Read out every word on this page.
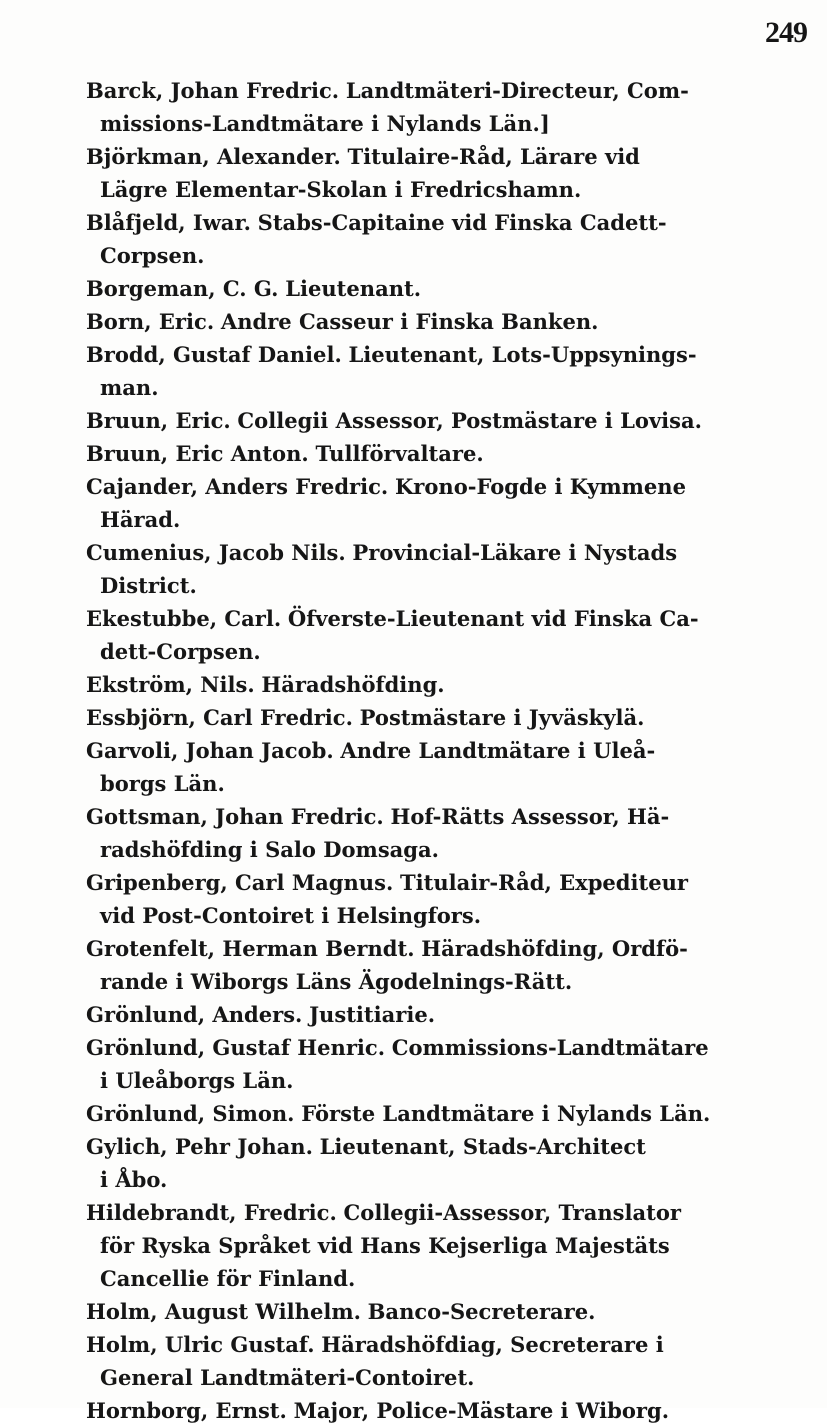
249
Barck, Johan Fredric. Landtmäteri-Directeur, Com-
missions-Landtmätare i Nylands Län.]
Björkman, Alexander. Titulaire-Råd, Lärare vid
Lägre Elementar-Skolan i Fredricshamn.
Blåfjeld, Iwar. Stabs-Capitaine vid Finska Cadett-
Corpsen.
Borgeman, C. G. Lieutenant.
Born, Eric. Andre Casseur i Finska Banken.
Brodd, Gustaf Daniel. Lieutenant, Lots-Uppsynings-
man.
Bruun, Eric. Collegii Assessor, Postmästare i Lovisa.
Bruun, Eric Anton. Tullförvaltare.
Cajander, Anders Fredric. Krono-Fogde i Kymmene
Härad.
Cumenius, Jacob Nils. Provincial-Läkare i Nystads
District.
Ekestubbe, Carl. Öfverste-Lieutenant vid Finska Ca-
dett-Corpsen.
Ekström, Nils. Häradshöfding.
Essbjörn, Carl Fredric. Postmästare i Jyväskylä.
Garvoli, Johan Jacob. Andre Landtmätare i Uleå-
borgs Län.
Gottsman, Johan Fredric. Hof-Rätts Assessor, Hä-
radshöfding i Salo Domsaga.
Gripenberg, Carl Magnus. Titulair-Råd, Expediteur
vid Post-Contoiret i Helsingfors.
Grotenfelt, Herman Berndt. Häradshöfding, Ordfö-
rande i Wiborgs Läns Ägodelnings-Rätt.
Grönlund, Anders. Justitiarie.
Grönlund, Gustaf Henric. Commissions-Landtmätare
i Uleåborgs Län.
Grönlund, Simon. Förste Landtmätare i Nylands Län.
Gylich, Pehr Johan. Lieutenant, Stads-Architect
i Åbo.
Hildebrandt, Fredric. Collegii-Assessor, Translator
för Ryska Språket vid Hans Kejserliga Majestäts
Cancellie för Finland.
Holm, August Wilhelm. Banco-Secreterare.
Holm, Ulric Gustaf. Häradshöfdiag, Secreterare i
General Landtmäteri-Contoiret.
Hornborg, Ernst. Major, Police-Mästare i Wiborg.
